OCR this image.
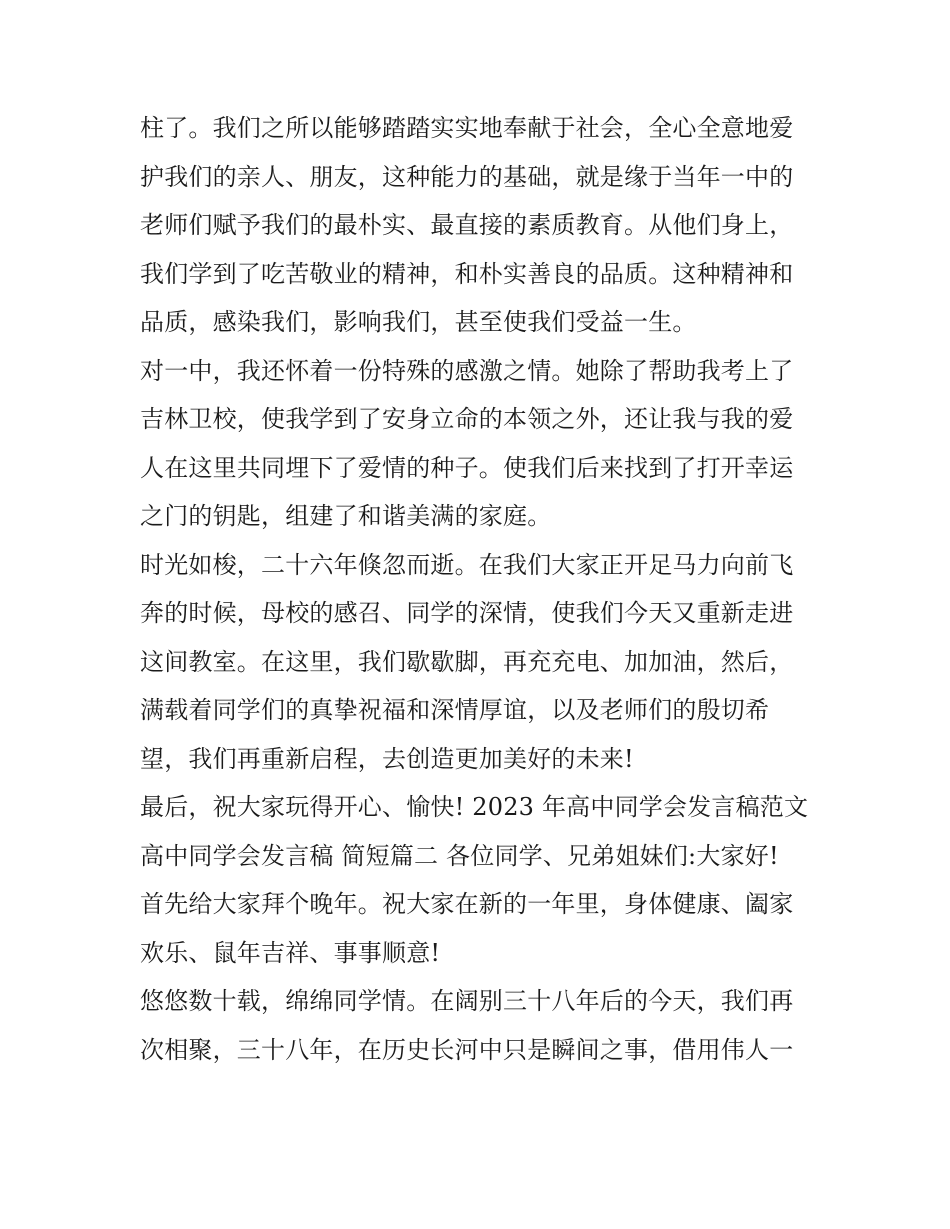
柱了。我们之所以能够踏踏实实地奉献于社会，全心全意地爱
护我们的亲人、朋友，这种能力的基础，就是缘于当年一中的
老师们赋予我们的最朴实、最直接的素质教育。从他们身上，
我们学到了吃苦敬业的精神，和朴实善良的品质。这种精神和
品质，感染我们，影响我们，甚至使我们受益一生。
对一中，我还怀着一份特殊的感激之情。她除了帮助我考上了
吉林卫校，使我学到了安身立命的本领之外，还让我与我的爱
人在这里共同埋下了爱情的种子。使我们后来找到了打开幸运
之门的钥匙，组建了和谐美满的家庭。
时光如梭，二十六年倏忽而逝。在我们大家正开足马力向前飞
奔的时候，母校的感召、同学的深情，使我们今天又重新走进
这间教室。在这里，我们歇歇脚，再充充电、加加油，然后，
满载着同学们的真挚祝福和深情厚谊，以及老师们的殷切希
望，我们再重新启程，去创造更加美好的未来!
最后，祝大家玩得开心、愉快! 2023 年高中同学会发言稿范文
高中同学会发言稿 简短篇二 各位同学、兄弟姐妹们:大家好!
首先给大家拜个晚年。祝大家在新的一年里，身体健康、阖家
欢乐、鼠年吉祥、事事顺意!
悠悠数十载，绵绵同学情。在阔别三十八年后的今天，我们再
次相聚，三十八年，在历史长河中只是瞬间之事，借用伟人一
